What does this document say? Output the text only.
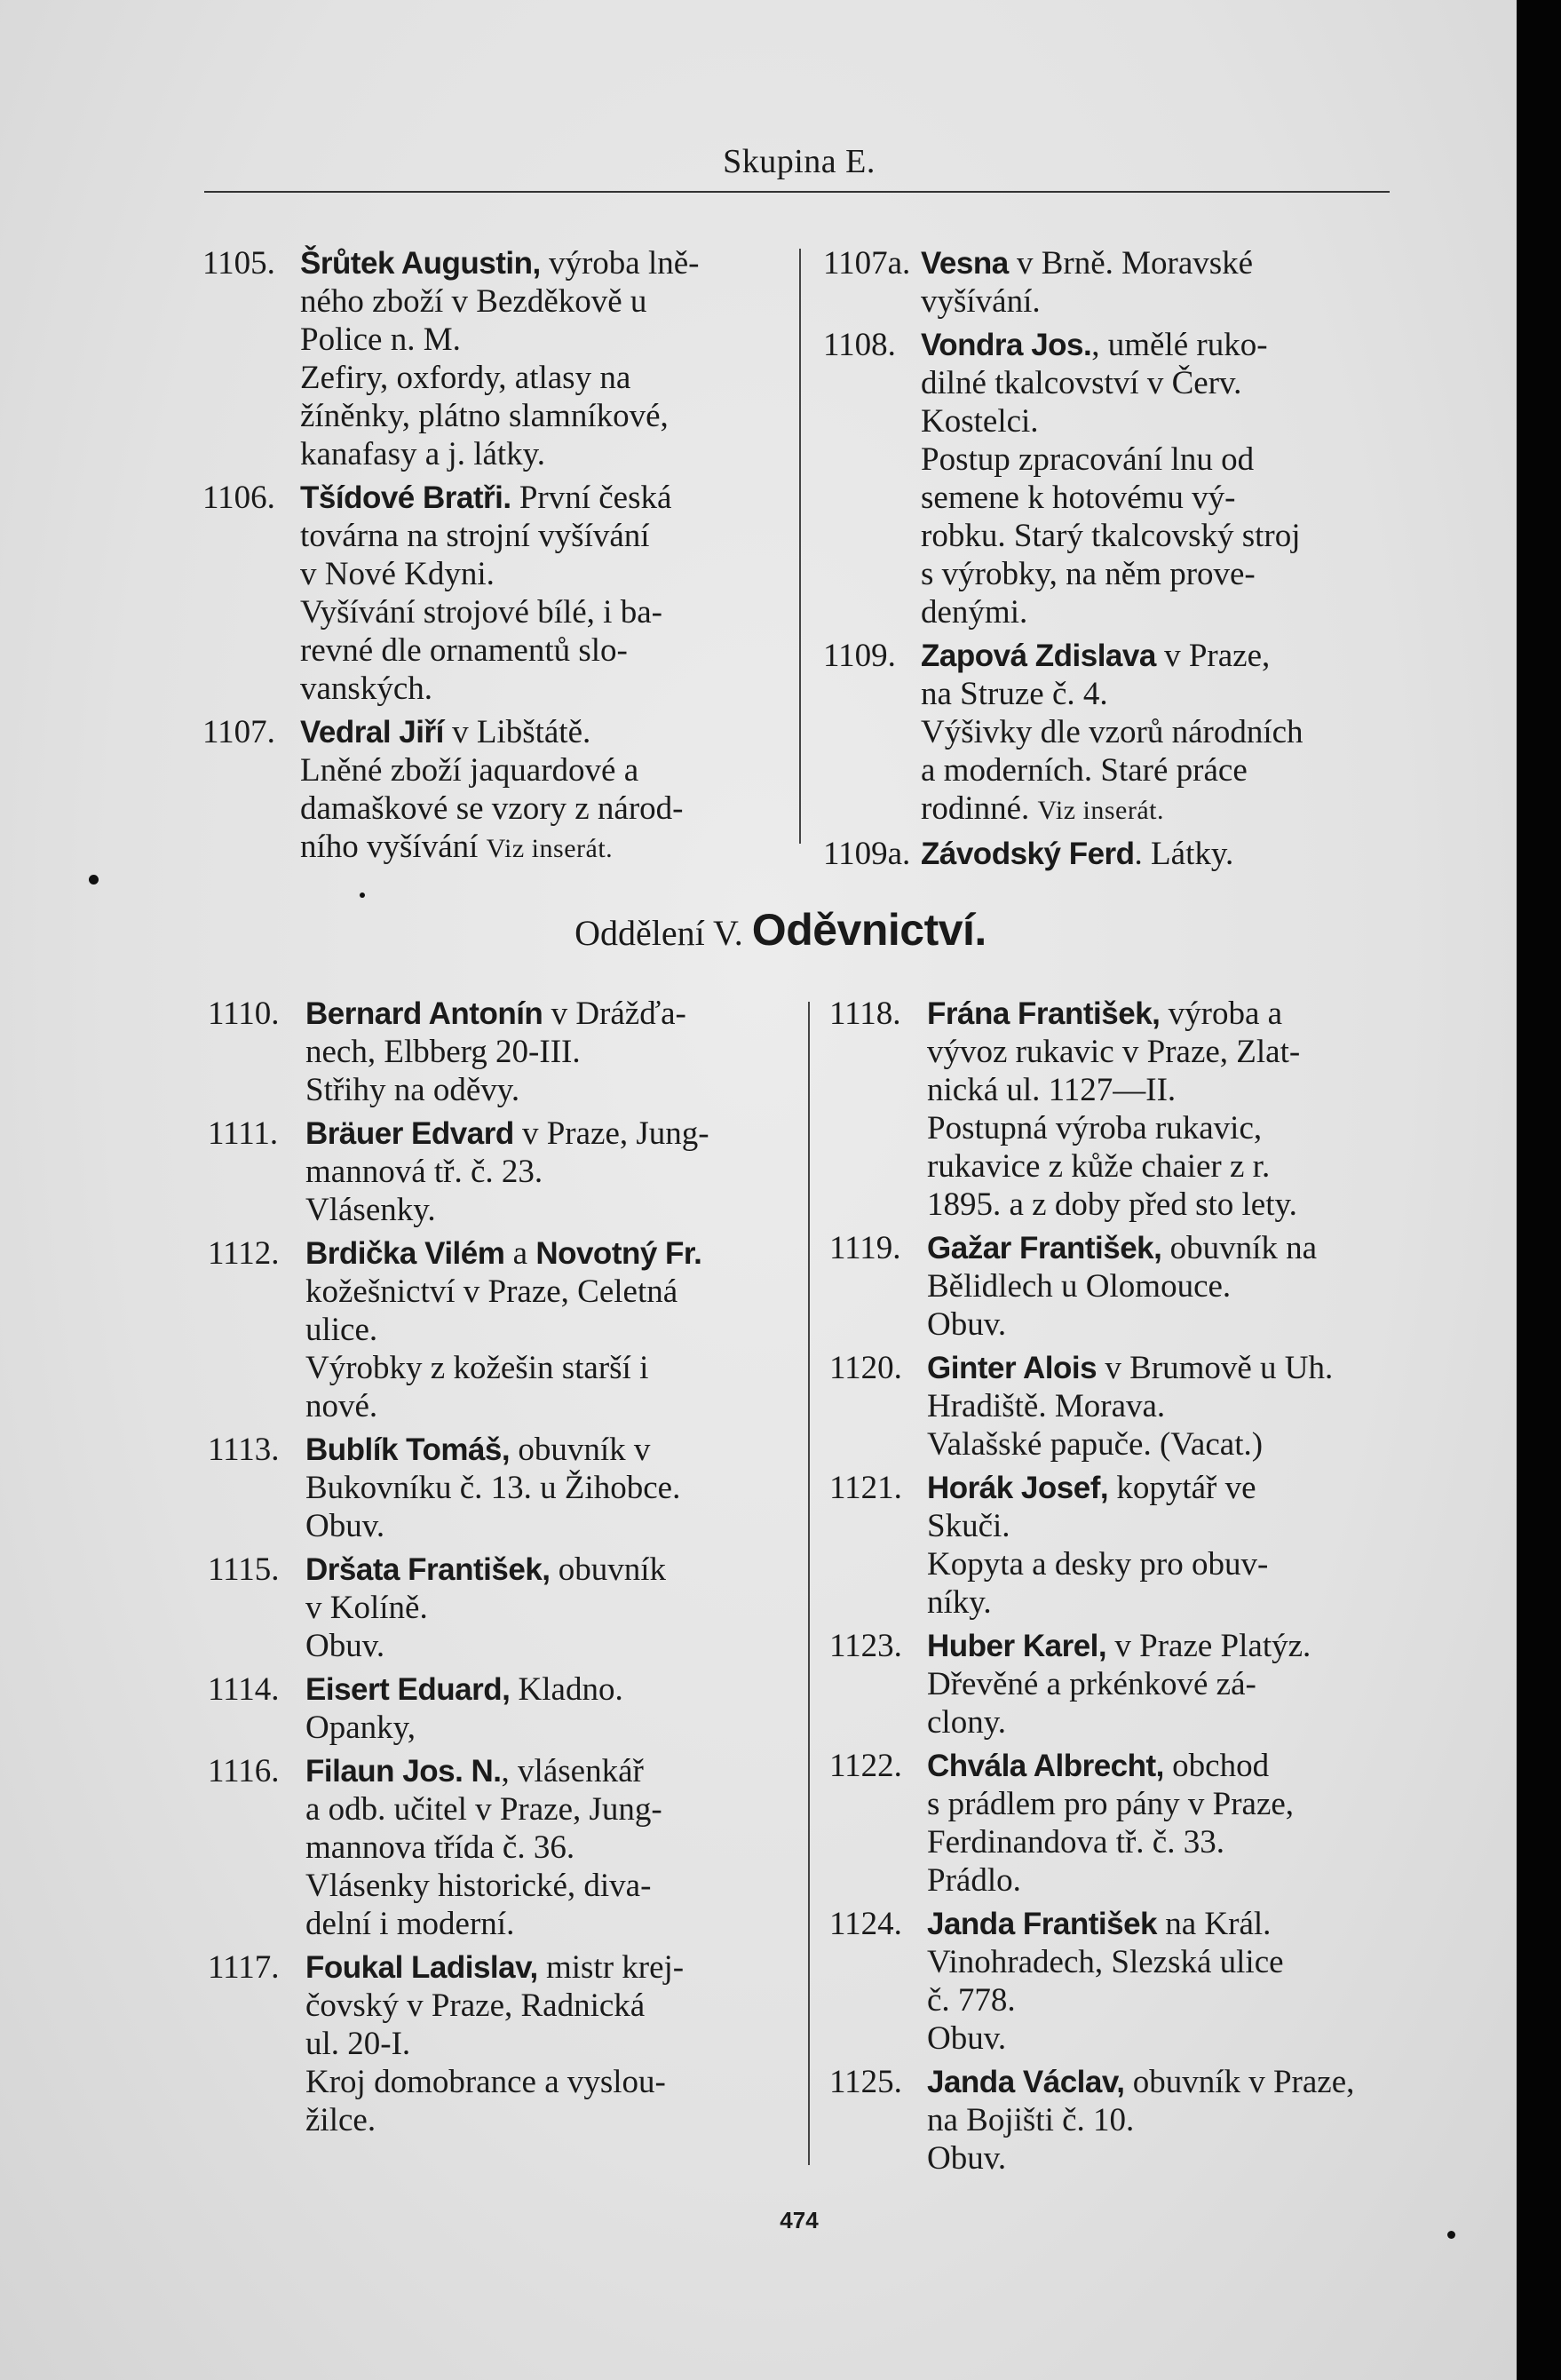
Skupina E.
1105. Šrůtek Augustin, výroba lně-
ného zboží v Bezděkově u
Police n. M.
Zefiry, oxfordy, atlasy na
žíněnky, plátno slamníkové,
kanafasy a j. látky.
1106. Tšídové Bratři. První česká
továrna na strojní vyšívání
v Nové Kdyni.
Vyšívání strojové bílé, i ba-
revné dle ornamentů slo-
vanských.
1107. Vedral Jiří v Libštátě.
Lněné zboží jaquardové a
damaškové se vzory z národ-
ního vyšívání Viz inserát.
1107a. Vesna v Brně. Moravské
vyšívání.
1108. Vondra Jos., umělé ruko-
dilné tkalcovství v Červ.
Kostelci.
Postup zpracování lnu od
semene k hotovému vý-
robku. Starý tkalcovský stroj
s výrobky, na něm prove-
denými.
1109. Zapová Zdislava v Praze,
na Struze č. 4.
Výšivky dle vzorů národních
a moderních. Staré práce
rodinné. Viz inserát.
1109a. Závodský Ferd. Látky.
Oddělení V. Oděvnictví.
1110. Bernard Antonín v Drážďa-
nech, Elbberg 20-III.
Střihy na oděvy.
1111. Bräuer Edvard v Praze, Jung-
mannová tř. č. 23.
Vlásenky.
1112. Brdička Vilém a Novotný Fr.
kožešnictví v Praze, Celetná
ulice.
Výrobky z kožešin starší i
nové.
1113. Bublík Tomáš, obuvník v
Bukovníku č. 13. u Žihobce.
Obuv.
1115. Dršata František, obuvník
v Kolíně.
Obuv.
1114. Eisert Eduard, Kladno.
Opanky,
1116. Filaun Jos. N., vlásenkář
a odb. učitel v Praze, Jung-
mannova třída č. 36.
Vlásenky historické, diva-
delní i moderní.
1117. Foukal Ladislav, mistr krej-
čovský v Praze, Radnická
ul. 20-I.
Kroj domobrance a vyslou-
žilce.
1118. Frána František, výroba a
vývoz rukavic v Praze, Zlat-
nická ul. 1127—II.
Postupná výroba rukavic,
rukavice z kůže chaier z r.
1895. a z doby před sto lety.
1119. Gažar František, obuvník na
Bělidlech u Olomouce.
Obuv.
1120. Ginter Alois v Brumově u Uh.
Hradiště. Morava.
Valašské papuče. (Vacat.)
1121. Horák Josef, kopytář ve
Skuči.
Kopyta a desky pro obuv-
níky.
1123. Huber Karel, v Praze Platýz.
Dřevěné a prkénkové zá-
clony.
1122. Chvála Albrecht, obchod
s prádlem pro pány v Praze,
Ferdinandova tř. č. 33.
Prádlo.
1124. Janda František na Král.
Vinohradech, Slezská ulice
č. 778.
Obuv.
1125. Janda Václav, obuvník v Praze,
na Bojišti č. 10.
Obuv.
474
